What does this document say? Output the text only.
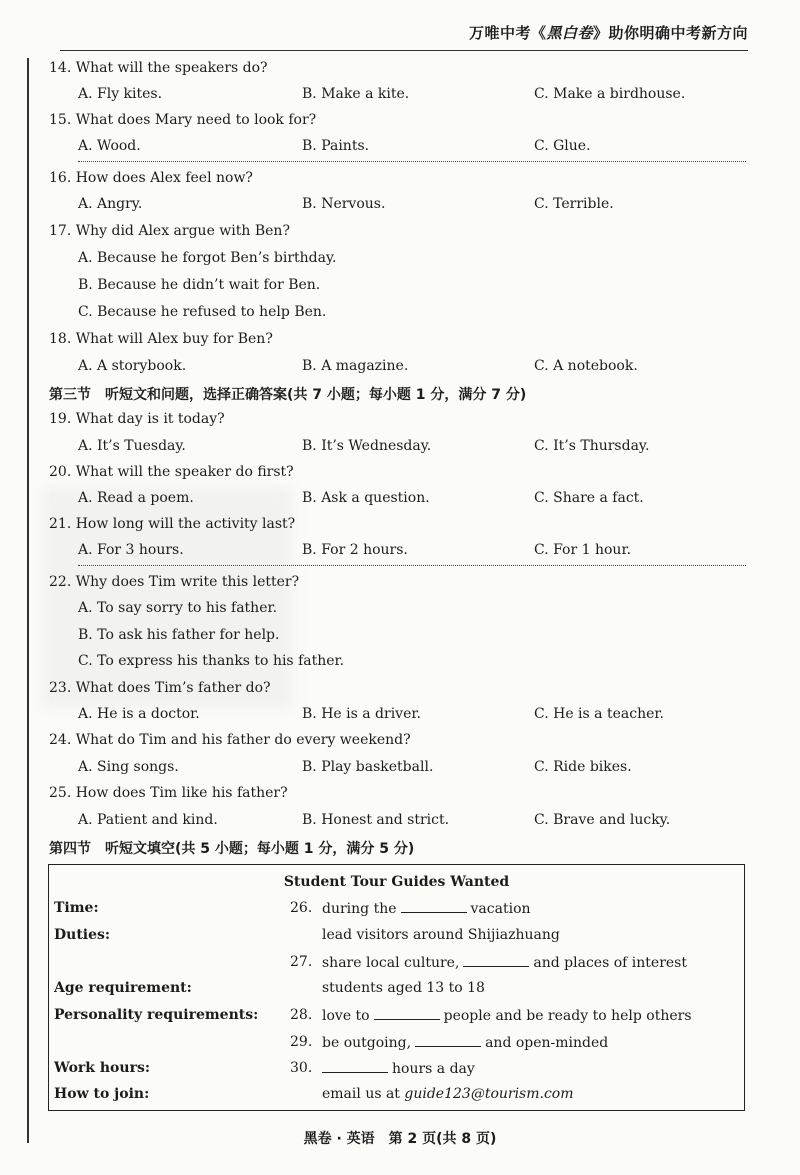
万唯中考《黑白卷》助你明确中考新方向
14. What will the speakers do?
A. Fly kites.	B. Make a kite.	C. Make a birdhouse.
15. What does Mary need to look for?
A. Wood.	B. Paints.	C. Glue.
16. How does Alex feel now?
A. Angry.	B. Nervous.	C. Terrible.
17. Why did Alex argue with Ben?
A. Because he forgot Ben’s birthday.
B. Because he didn’t wait for Ben.
C. Because he refused to help Ben.
18. What will Alex buy for Ben?
A. A storybook.	B. A magazine.	C. A notebook.
第三节　听短文和问题，选择正确答案(共 7 小题；每小题 1 分，满分 7 分)
19. What day is it today?
A. It’s Tuesday.	B. It’s Wednesday.	C. It’s Thursday.
20. What will the speaker do first?
A. Read a poem.	B. Ask a question.	C. Share a fact.
21. How long will the activity last?
A. For 3 hours.	B. For 2 hours.	C. For 1 hour.
22. Why does Tim write this letter?
A. To say sorry to his father.
B. To ask his father for help.
C. To express his thanks to his father.
23. What does Tim’s father do?
A. He is a doctor.	B. He is a driver.	C. He is a teacher.
24. What do Tim and his father do every weekend?
A. Sing songs.	B. Play basketball.	C. Ride bikes.
25. How does Tim like his father?
A. Patient and kind.	B. Honest and strict.	C. Brave and lucky.
第四节　听短文填空(共 5 小题；每小题 1 分，满分 5 分)
Student Tour Guides Wanted
Time:	26. during the	vacation
Duties:	lead visitors around Shijiazhuang
27. share local culture,	and places of interest
Age requirement:	students aged 13 to 18
Personality requirements: 28. love to	people and be ready to help others
29. be outgoing,	and open-minded
Work hours:	30.	hours a day
How to join:	email us at guide123@tourism.com
黑卷 · 英语　第 2 页(共 8 页)
